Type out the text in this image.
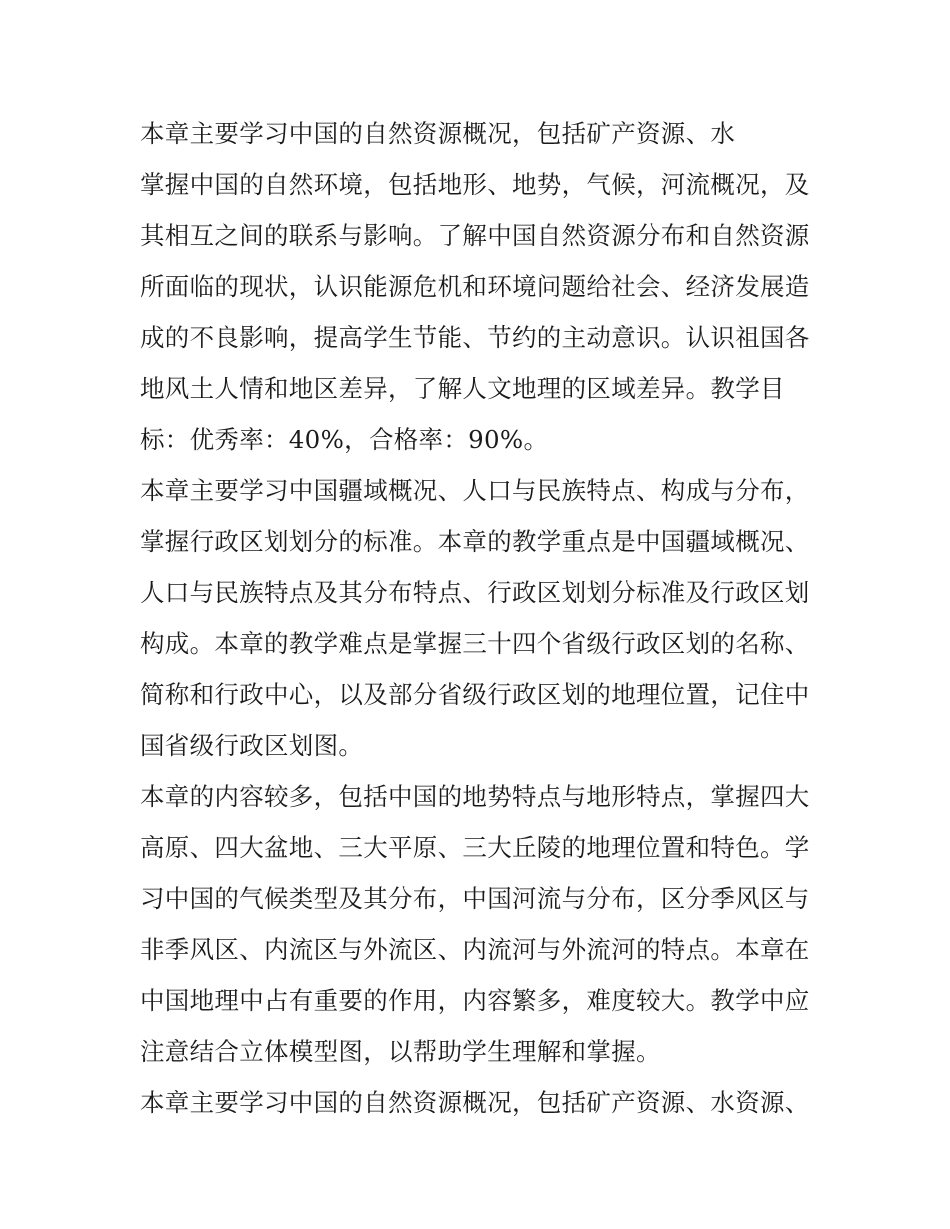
本章主要学习中国的自然资源概况，包括矿产资源、水
掌握中国的自然环境，包括地形、地势，气候，河流概况，及
其相互之间的联系与影响。了解中国自然资源分布和自然资源
所面临的现状，认识能源危机和环境问题给社会、经济发展造
成的不良影响，提高学生节能、节约的主动意识。认识祖国各
地风土人情和地区差异，了解人文地理的区域差异。教学目
标：优秀率：40%，合格率：90%。
本章主要学习中国疆域概况、人口与民族特点、构成与分布，
掌握行政区划划分的标准。本章的教学重点是中国疆域概况、
人口与民族特点及其分布特点、行政区划划分标准及行政区划
构成。本章的教学难点是掌握三十四个省级行政区划的名称、
简称和行政中心，以及部分省级行政区划的地理位置，记住中
国省级行政区划图。
本章的内容较多，包括中国的地势特点与地形特点，掌握四大
高原、四大盆地、三大平原、三大丘陵的地理位置和特色。学
习中国的气候类型及其分布，中国河流与分布，区分季风区与
非季风区、内流区与外流区、内流河与外流河的特点。本章在
中国地理中占有重要的作用，内容繁多，难度较大。教学中应
注意结合立体模型图，以帮助学生理解和掌握。
本章主要学习中国的自然资源概况，包括矿产资源、水资源、
